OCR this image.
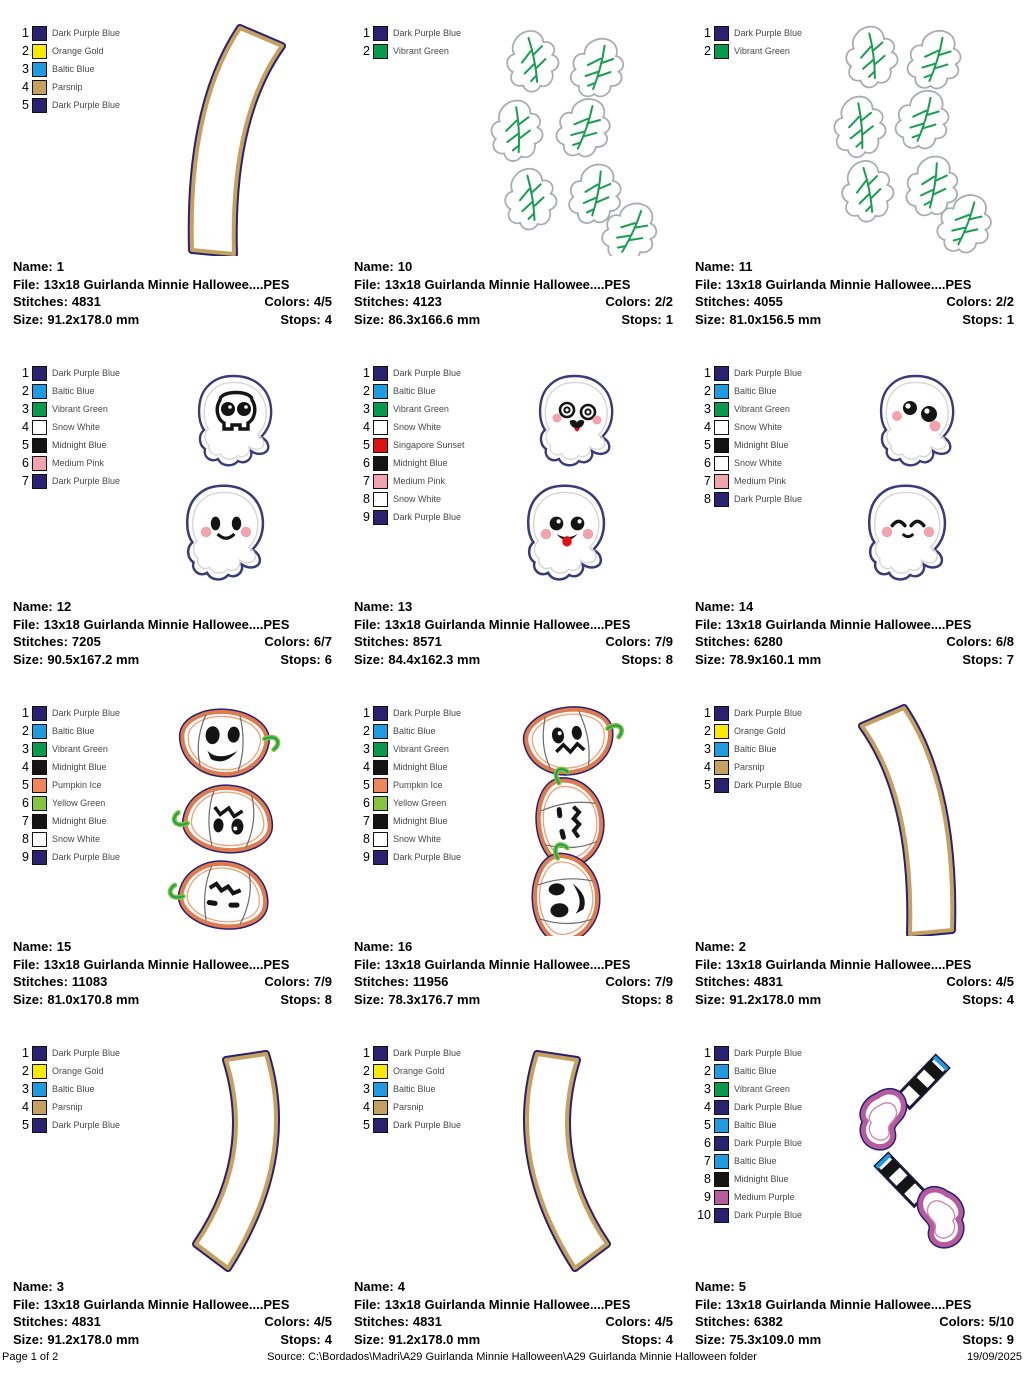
1	Dark Purple Blue
2	Orange Gold
3	Baltic Blue
4	Parsnip
5	Dark Purple Blue
Name: 1
File: 13x18 Guirlanda Minnie Hallowee....PES
Stitches: 4831	Colors: 4/5
Size: 91.2x178.0 mm	Stops: 4
1	Dark Purple Blue
2	Vibrant Green
Name: 10
File: 13x18 Guirlanda Minnie Hallowee....PES
Stitches: 4123	Colors: 2/2
Size: 86.3x166.6 mm	Stops: 1
1	Dark Purple Blue
2	Vibrant Green
Name: 11
File: 13x18 Guirlanda Minnie Hallowee....PES
Stitches: 4055	Colors: 2/2
Size: 81.0x156.5 mm	Stops: 1
1	Dark Purple Blue
2	Baltic Blue
3	Vibrant Green
4	Snow White
5	Midnight Blue
6	Medium Pink
7	Dark Purple Blue
Name: 12
File: 13x18 Guirlanda Minnie Hallowee....PES
Stitches: 7205	Colors: 6/7
Size: 90.5x167.2 mm	Stops: 6
1	Dark Purple Blue
2	Baltic Blue
3	Vibrant Green
4	Snow White
5	Singapore Sunset
6	Midnight Blue
7	Medium Pink
8	Snow White
9	Dark Purple Blue
Name: 13
File: 13x18 Guirlanda Minnie Hallowee....PES
Stitches: 8571	Colors: 7/9
Size: 84.4x162.3 mm	Stops: 8
1	Dark Purple Blue
2	Baltic Blue
3	Vibrant Green
4	Snow White
5	Midnight Blue
6	Snow White
7	Medium Pink
8	Dark Purple Blue
Name: 14
File: 13x18 Guirlanda Minnie Hallowee....PES
Stitches: 6280	Colors: 6/8
Size: 78.9x160.1 mm	Stops: 7
1	Dark Purple Blue
2	Baltic Blue
3	Vibrant Green
4	Midnight Blue
5	Pumpkin Ice
6	Yellow Green
7	Midnight Blue
8	Snow White
9	Dark Purple Blue
Name: 15
File: 13x18 Guirlanda Minnie Hallowee....PES
Stitches: 11083	Colors: 7/9
Size: 81.0x170.8 mm	Stops: 8
1	Dark Purple Blue
2	Baltic Blue
3	Vibrant Green
4	Midnight Blue
5	Pumpkin Ice
6	Yellow Green
7	Midnight Blue
8	Snow White
9	Dark Purple Blue
Name: 16
File: 13x18 Guirlanda Minnie Hallowee....PES
Stitches: 11956	Colors: 7/9
Size: 78.3x176.7 mm	Stops: 8
1	Dark Purple Blue
2	Orange Gold
3	Baltic Blue
4	Parsnip
5	Dark Purple Blue
Name: 2
File: 13x18 Guirlanda Minnie Hallowee....PES
Stitches: 4831	Colors: 4/5
Size: 91.2x178.0 mm	Stops: 4
1	Dark Purple Blue
2	Orange Gold
3	Baltic Blue
4	Parsnip
5	Dark Purple Blue
Name: 3
File: 13x18 Guirlanda Minnie Hallowee....PES
Stitches: 4831	Colors: 4/5
Size: 91.2x178.0 mm	Stops: 4
1	Dark Purple Blue
2	Orange Gold
3	Baltic Blue
4	Parsnip
5	Dark Purple Blue
Name: 4
File: 13x18 Guirlanda Minnie Hallowee....PES
Stitches: 4831	Colors: 4/5
Size: 91.2x178.0 mm	Stops: 4
1	Dark Purple Blue
2	Baltic Blue
3	Vibrant Green
4	Dark Purple Blue
5	Baltic Blue
6	Dark Purple Blue
7	Baltic Blue
8	Midnight Blue
9	Medium Purple
10	Dark Purple Blue
Name: 5
File: 13x18 Guirlanda Minnie Hallowee....PES
Stitches: 6382	Colors: 5/10
Size: 75.3x109.0 mm	Stops: 9
Page 1 of 2	Source: C:\Bordados\Madri\A29 Guirlanda Minnie Halloween\A29 Guirlanda Minnie Halloween folder	19/09/2025
